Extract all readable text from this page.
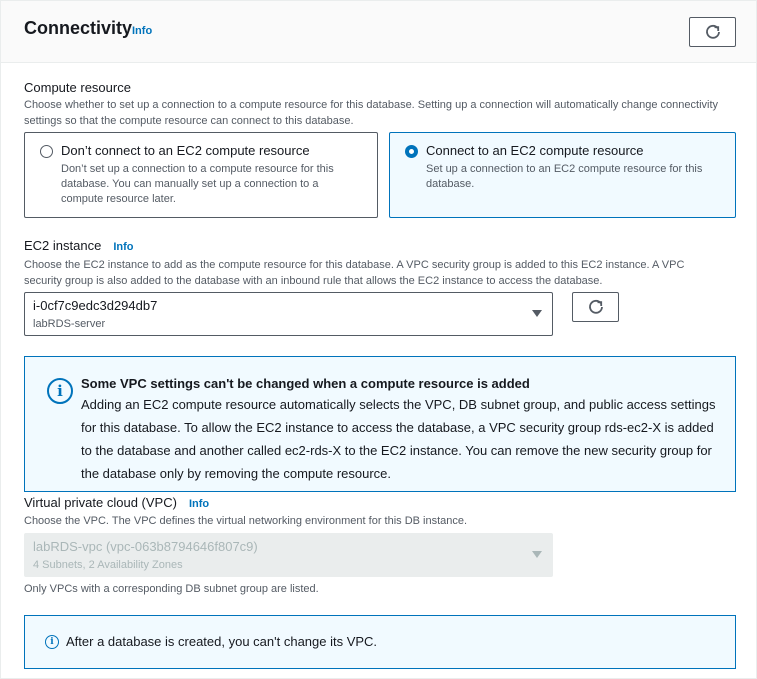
Connectivity Info
Compute resource
Choose whether to set up a connection to a compute resource for this database. Setting up a connection will automatically change connectivity settings so that the compute resource can connect to this database.
Don’t connect to an EC2 compute resource
Don’t set up a connection to a compute resource for this database. You can manually set up a connection to a compute resource later.
Connect to an EC2 compute resource
Set up a connection to an EC2 compute resource for this database.
EC2 instance Info
Choose the EC2 instance to add as the compute resource for this database. A VPC security group is added to this EC2 instance. A VPC security group is also added to the database with an inbound rule that allows the EC2 instance to access the database.
i-0cf7c9edc3d294db7
labRDS-server
i	Some VPC settings can't be changed when a compute resource is added
Adding an EC2 compute resource automatically selects the VPC, DB subnet group, and public access settings for this database. To allow the EC2 instance to access the database, a VPC security group rds-ec2-X is added to the database and another called ec2-rds-X to the EC2 instance. You can remove the new security group for the database only by removing the compute resource.
Virtual private cloud (VPC) Info
Choose the VPC. The VPC defines the virtual networking environment for this DB instance.
labRDS-vpc (vpc-063b8794646f807c9)
4 Subnets, 2 Availability Zones
Only VPCs with a corresponding DB subnet group are listed.
i After a database is created, you can't change its VPC.
